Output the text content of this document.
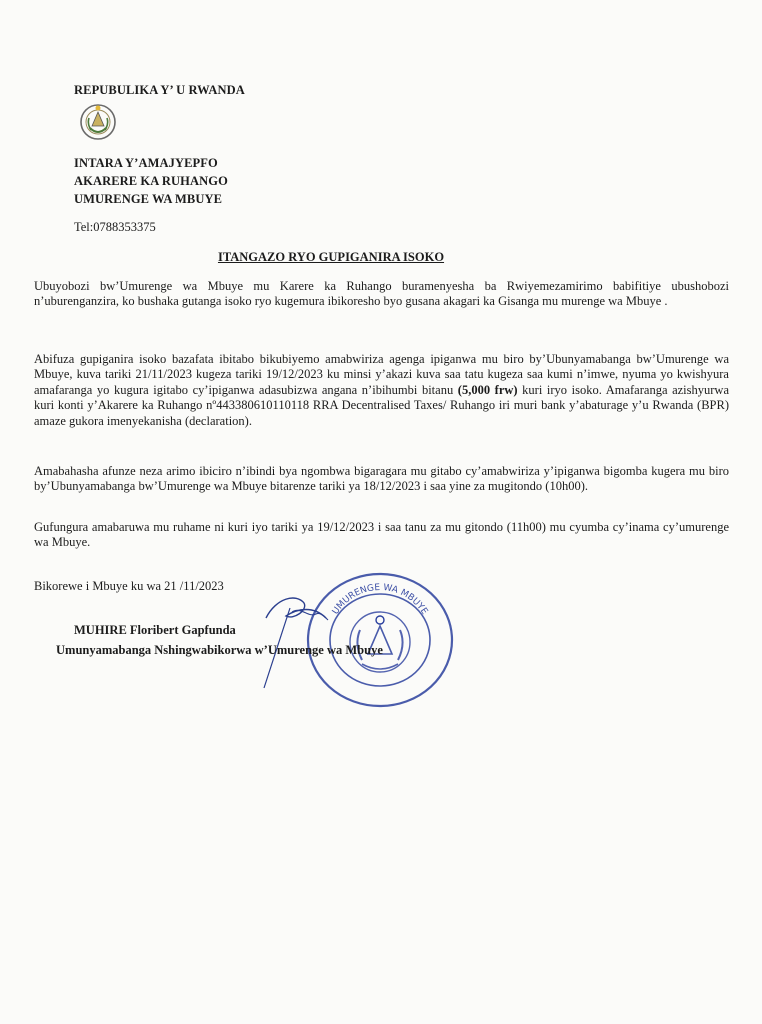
REPUBULIKA Y’ U RWANDA
INTARA Y’AMAJYEPFO
AKARERE KA RUHANGO
UMURENGE WA MBUYE
Tel:0788353375
ITANGAZO RYO GUPIGANIRA ISOKO
Ubuyobozi bw’Umurenge wa Mbuye mu Karere ka Ruhango buramenyesha ba Rwiyemezamirimo babifitiye ubushobozi n’uburenganzira, ko bushaka gutanga isoko ryo kugemura ibikoresho byo gusana akagari ka Gisanga mu murenge wa Mbuye .
Abifuza gupiganira isoko bazafata ibitabo bikubiyemo amabwiriza agenga ipiganwa mu biro by’Ubunyamabanga bw’Umurenge wa Mbuye, kuva tariki 21/11/2023 kugeza tariki 19/12/2023 ku minsi y’akazi kuva saa tatu kugeza saa kumi n’imwe, nyuma yo kwishyura amafaranga yo kugura igitabo cy’ipiganwa adasubizwa angana n’ibihumbi bitanu (5,000 frw) kuri iryo isoko. Amafaranga azishyurwa kuri konti y’Akarere ka Ruhango nº443380610110118 RRA Decentralised Taxes/ Ruhango iri muri bank y’abaturage y’u Rwanda (BPR) amaze gukora imenyekanisha (declaration).
Amabahasha afunze neza arimo ibiciro n’ibindi bya ngombwa bigaragara mu gitabo cy’amabwiriza y’ipiganwa bigomba kugera mu biro by’Ubunyamabanga bw’Umurenge wa Mbuye bitarenze tariki ya 18/12/2023 i saa yine za mugitondo (10h00).
Gufungura amabaruwa mu ruhame ni kuri iyo tariki ya 19/12/2023 i saa tanu za mu gitondo (11h00) mu cyumba cy’inama cy’umurenge wa Mbuye.
Bikorewe i Mbuye ku wa 21 /11/2023
UMURENGE WA MBUYE
MUHIRE Floribert Gapfunda
Umunyamabanga Nshingwabikorwa w’Umurenge wa Mbuye
